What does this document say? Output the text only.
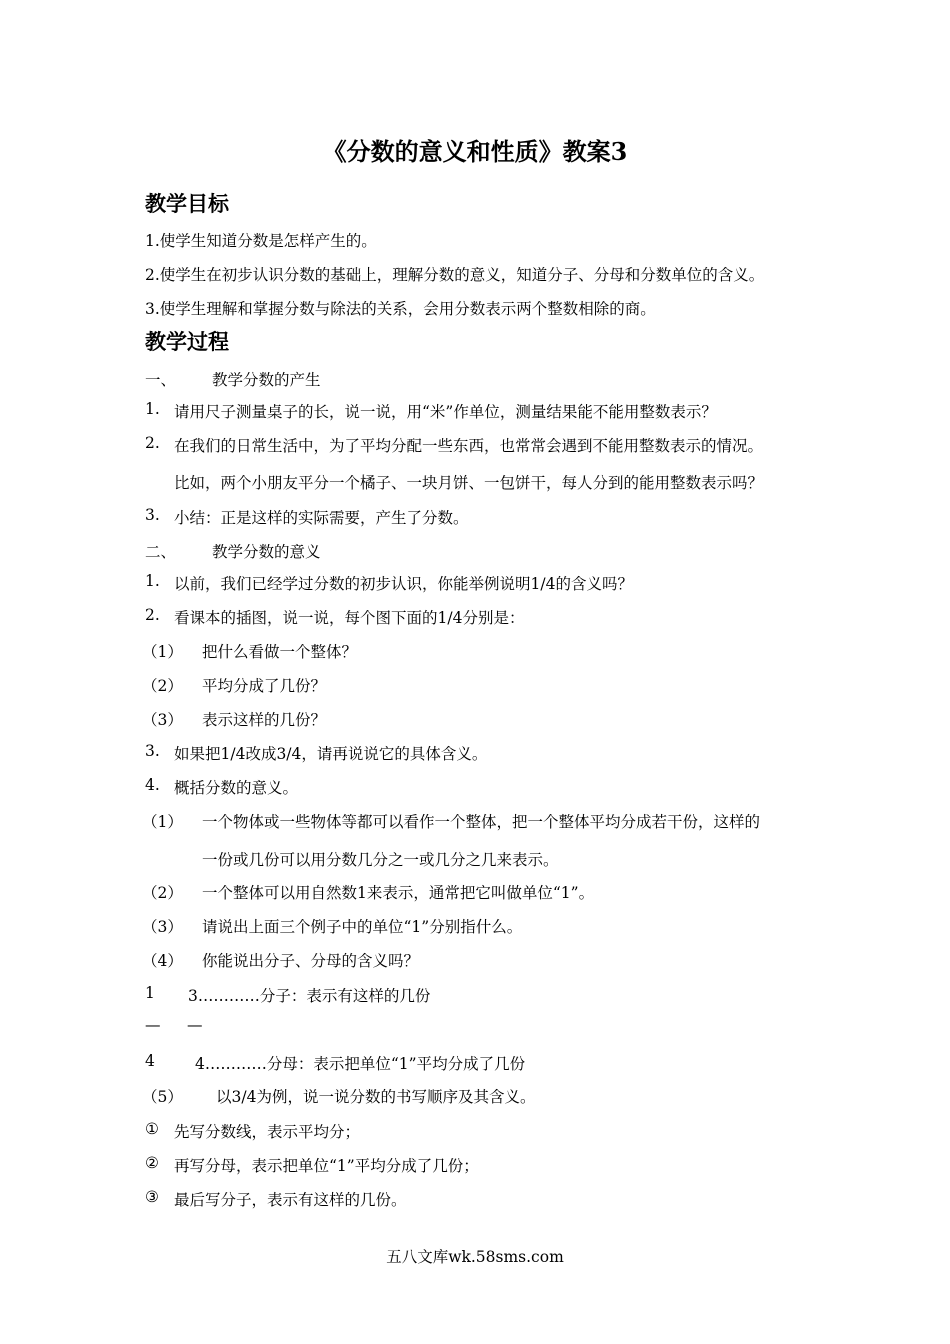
《分数的意义和性质》教案3
教学目标
1.使学生知道分数是怎样产生的。
2.使学生在初步认识分数的基础上，理解分数的意义，知道分子、分母和分数单位的含义。
3.使学生理解和掌握分数与除法的关系，会用分数表示两个整数相除的商。
教学过程
一、 教学分数的产生
1. 请用尺子测量桌子的长，说一说，用“米”作单位，测量结果能不能用整数表示？
2. 在我们的日常生活中，为了平均分配一些东西，也常常会遇到不能用整数表示的情况。
比如，两个小朋友平分一个橘子、一块月饼、一包饼干，每人分到的能用整数表示吗？
3. 小结：正是这样的实际需要，产生了分数。
二、 教学分数的意义
1. 以前，我们已经学过分数的初步认识，你能举例说明1/4的含义吗？
2. 看课本的插图，说一说，每个图下面的1/4分别是：
（1） 把什么看做一个整体？
（2） 平均分成了几份？
（3） 表示这样的几份？
3. 如果把1/4改成3/4，请再说说它的具体含义。
4. 概括分数的意义。
（1） 一个物体或一些物体等都可以看作一个整体，把一个整体平均分成若干份，这样的
一份或几份可以用分数几分之一或几分之几来表示。
（2） 一个整体可以用自然数1来表示，通常把它叫做单位“1”。
（3） 请说出上面三个例子中的单位“1”分别指什么。
（4） 你能说出分子、分母的含义吗？
1 3…………分子：表示有这样的几份
— —
4	4…………分母：表示把单位“1”平均分成了几份
（5） 以3/4为例，说一说分数的书写顺序及其含义。
① 先写分数线，表示平均分；
② 再写分母，表示把单位“1”平均分成了几份；
③ 最后写分子，表示有这样的几份。
五八文库wk.58sms.com
